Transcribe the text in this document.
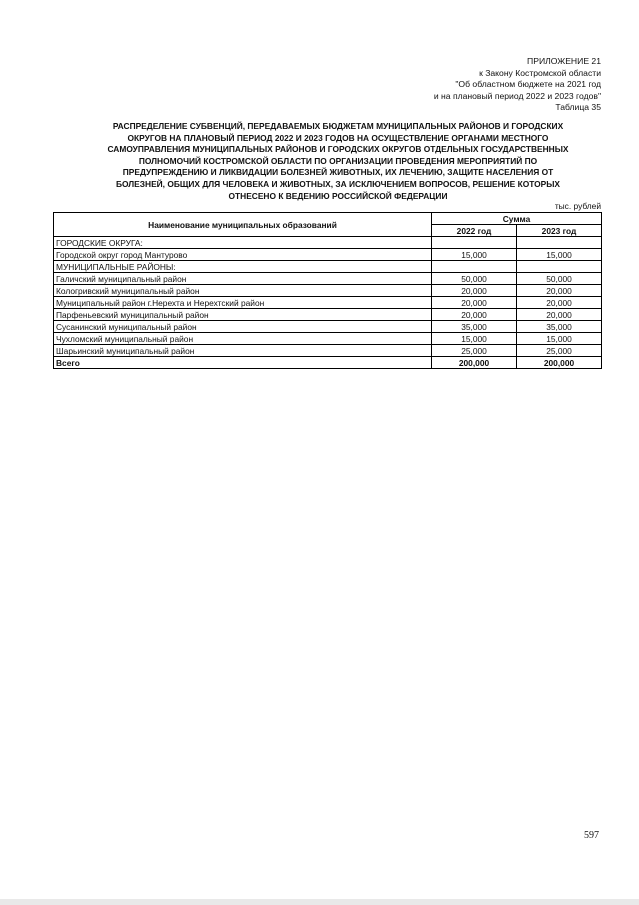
ПРИЛОЖЕНИЕ 21
к Закону Костромской области
"Об областном бюджете на 2021 год
и на плановый период 2022 и 2023 годов"
Таблица 35
РАСПРЕДЕЛЕНИЕ СУБВЕНЦИЙ, ПЕРЕДАВАЕМЫХ БЮДЖЕТАМ МУНИЦИПАЛЬНЫХ РАЙОНОВ И ГОРОДСКИХ
ОКРУГОВ НА ПЛАНОВЫЙ ПЕРИОД 2022 И 2023 ГОДОВ НА ОСУЩЕСТВЛЕНИЕ ОРГАНАМИ МЕСТНОГО
САМОУПРАВЛЕНИЯ МУНИЦИПАЛЬНЫХ РАЙОНОВ И ГОРОДСКИХ ОКРУГОВ ОТДЕЛЬНЫХ ГОСУДАРСТВЕННЫХ
ПОЛНОМОЧИЙ КОСТРОМСКОЙ ОБЛАСТИ ПО ОРГАНИЗАЦИИ ПРОВЕДЕНИЯ МЕРОПРИЯТИЙ ПО
ПРЕДУПРЕЖДЕНИЮ И ЛИКВИДАЦИИ БОЛЕЗНЕЙ ЖИВОТНЫХ, ИХ ЛЕЧЕНИЮ, ЗАЩИТЕ НАСЕЛЕНИЯ ОТ
БОЛЕЗНЕЙ, ОБЩИХ ДЛЯ ЧЕЛОВЕКА И ЖИВОТНЫХ, ЗА ИСКЛЮЧЕНИЕМ ВОПРОСОВ, РЕШЕНИЕ КОТОРЫХ
ОТНЕСЕНО К ВЕДЕНИЮ РОССИЙСКОЙ ФЕДЕРАЦИИ
тыс. рублей
Наименование муниципальных образований	Сумма	
	2022 год	2023 год
ГОРОДСКИЕ ОКРУГА:		
Городской округ город Мантурово	15,000	15,000
МУНИЦИПАЛЬНЫЕ РАЙОНЫ:		
Галичский муниципальный район	50,000	50,000
Кологривский муниципальный район	20,000	20,000
Муниципальный район г.Нерехта и Нерехтский район	20,000	20,000
Парфеньевский муниципальный район	20,000	20,000
Сусанинский муниципальный район	35,000	35,000
Чухломский муниципальный район	15,000	15,000
Шарьинский муниципальный район	25,000	25,000
Всего	200,000	200,000
597
